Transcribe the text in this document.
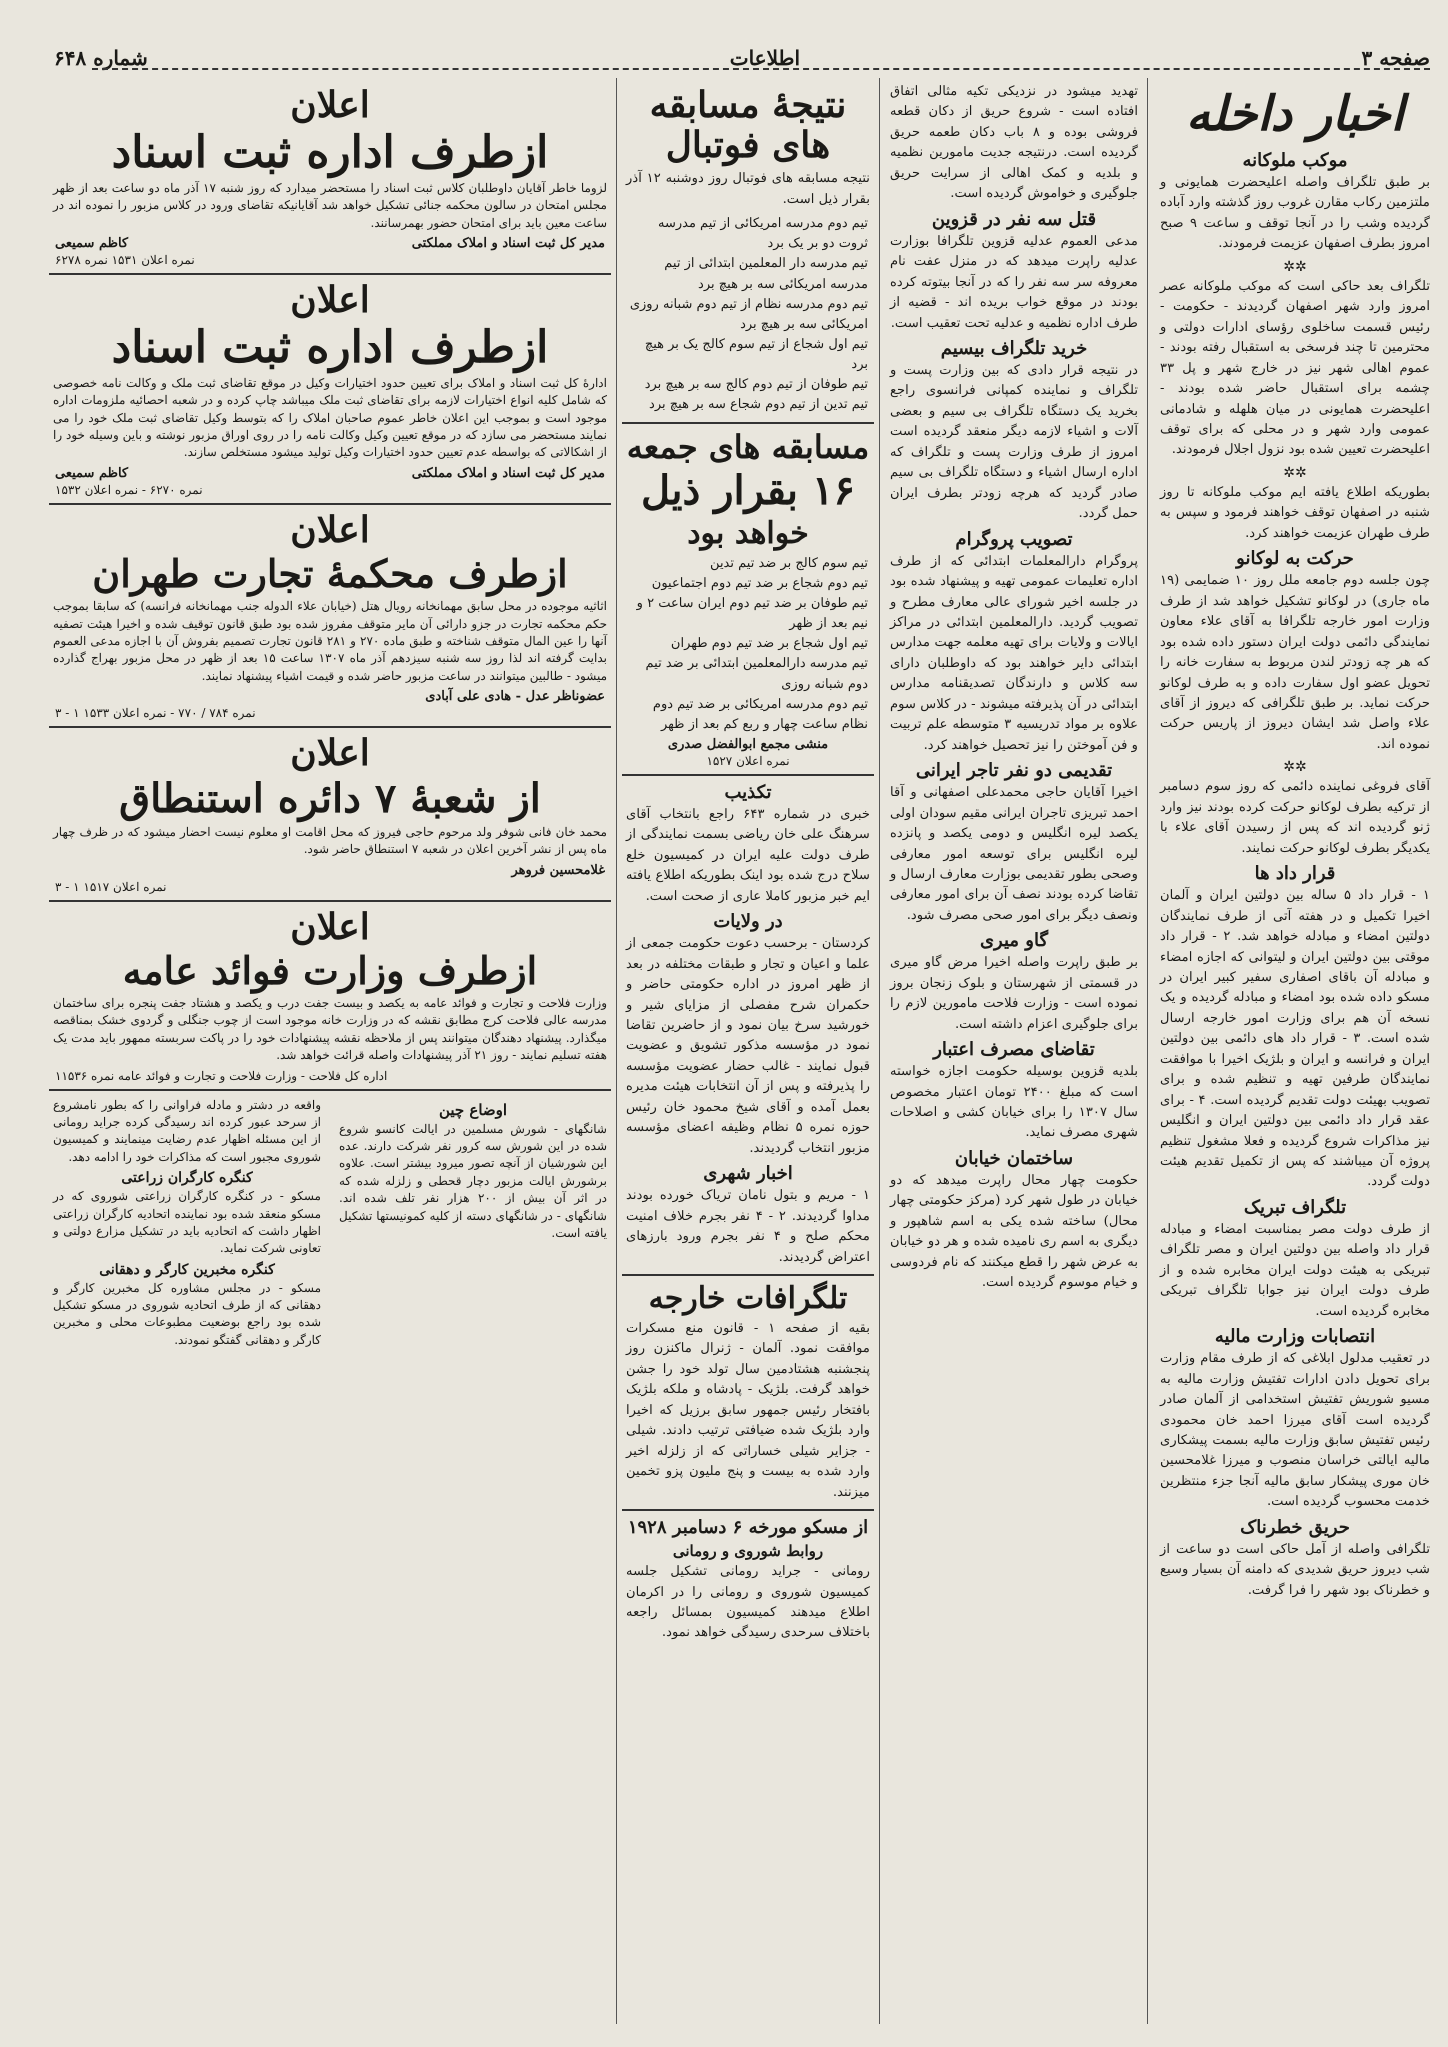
صفحه ۳
اطلاعات
شماره ۶۴۸
اخبار داخله
موکب ملوکانه
بر طبق تلگراف واصله اعلیحضرت همایونی و ملتزمین رکاب مقارن غروب روز گذشته وارد آباده گردیده وشب را در آنجا توقف و ساعت ۹ صبح امروز بطرف اصفهان عزیمت فرمودند.
✲✲
تلگراف بعد حاکی است که موکب ملوکانه عصر امروز وارد شهر اصفهان گردیدند - حکومت - رئیس قسمت ساخلوی رؤسای ادارات دولتی و محترمین تا چند فرسخی به استقبال رفته بودند - عموم اهالی شهر نیز در خارج شهر و پل ۳۳ چشمه برای استقبال حاضر شده بودند - اعلیحضرت همایونی در میان هلهله و شادمانی عمومی وارد شهر و در محلی که برای توقف اعلیحضرت تعیین شده بود نزول اجلال فرمودند.
✲✲
بطوریکه اطلاع یافته ایم موکب ملوکانه تا روز شنبه در اصفهان توقف خواهند فرمود و سپس به طرف طهران عزیمت خواهند کرد.
حرکت به لوکانو
چون جلسه دوم جامعه ملل روز ۱۰ ضمایمی (۱۹ ماه جاری) در لوکانو تشکیل خواهد شد از طرف وزارت امور خارجه تلگرافا به آقای علاء معاون نمایندگی دائمی دولت ایران دستور داده شده بود که هر چه زودتر لندن مربوط به سفارت خانه را تحویل عضو اول سفارت داده و به طرف لوکانو حرکت نماید. بر طبق تلگرافی که دیروز از آقای علاء واصل شد ایشان دیروز از پاریس حرکت نموده اند.
✲✲
آقای فروغی نماینده دائمی که روز سوم دسامبر از ترکیه بطرف لوکانو حرکت کرده بودند نیز وارد ژنو گردیده اند که پس از رسیدن آقای علاء با یکدیگر بطرف لوکانو حرکت نمایند.
قرار داد ها
۱ - قرار داد ۵ ساله بین دولتین ایران و آلمان اخیرا تکمیل و در هفته آتی از طرف نمایندگان دولتین امضاء و مبادله خواهد شد. ۲ - قرار داد موقتی بین دولتین ایران و لیتوانی که اجازه امضاء و مبادله آن باقای اصفاری سفیر کبیر ایران در مسکو داده شده بود امضاء و مبادله گردیده و یک نسخه آن هم برای وزارت امور خارجه ارسال شده است. ۳ - قرار داد های دائمی بین دولتین ایران و فرانسه و ایران و بلژیک اخیرا با موافقت نمایندگان طرفین تهیه و تنظیم شده و برای تصویب بهیئت دولت تقدیم گردیده است. ۴ - برای عقد قرار داد دائمی بین دولتین ایران و انگلیس نیز مذاکرات شروع گردیده و فعلا مشغول تنظیم پروژه آن میباشند که پس از تکمیل تقدیم هیئت دولت گردد.
تلگراف تبریک
از طرف دولت مصر بمناسبت امضاء و مبادله قرار داد واصله بین دولتین ایران و مصر تلگراف تبریکی به هیئت دولت ایران مخابره شده و از طرف دولت ایران نیز جوابا تلگراف تبریکی مخابره گردیده است.
انتصابات وزارت مالیه
در تعقیب مدلول ابلاغی که از طرف مقام وزارت برای تحویل دادن ادارات تفتیش وزارت مالیه به مسیو شوریش تفتیش استخدامی از آلمان صادر گردیده است آقای میرزا احمد خان محمودی رئیس تفتیش سابق وزارت مالیه بسمت پیشکاری مالیه ایالتی خراسان منصوب و میرزا غلامحسین خان موری پیشکار سابق مالیه آنجا جزء منتظرین خدمت محسوب گردیده است.
حریق خطرناک
تلگرافی واصله از آمل حاکی است دو ساعت از شب دیروز حریق شدیدی که دامنه آن بسیار وسیع و خطرناک بود شهر را فرا گرفت.
تهدید میشود در نزدیکی تکیه مثالی اتفاق افتاده است - شروع حریق از دکان قطعه فروشی بوده و ۸ باب دکان طعمه حریق گردیده است. درنتیجه جدیت مامورین نظمیه و بلدیه و کمک اهالی از سرایت حریق جلوگیری و خواموش گردیده است.
قتل سه نفر در قزوین
مدعی العموم عدلیه قزوین تلگرافا بوزارت عدلیه راپرت میدهد که در منزل عفت نام معروفه سر سه نفر را که در آنجا بیتوته کرده بودند در موقع خواب بریده اند - قضیه از طرف اداره نظمیه و عدلیه تحت تعقیب است.
خرید تلگراف بیسیم
در نتیجه قرار دادی که بین وزارت پست و تلگراف و نماینده کمپانی فرانسوی راجع بخرید یک دستگاه تلگراف بی سیم و بعضی آلات و اشیاء لازمه دیگر منعقد گردیده است امروز از طرف وزارت پست و تلگراف که اداره ارسال اشیاء و دستگاه تلگراف بی سیم صادر گردید که هرچه زودتر بطرف ایران حمل گردد.
تصویب پروگرام
پروگرام دارالمعلمات ابتدائی که از طرف اداره تعلیمات عمومی تهیه و پیشنهاد شده بود در جلسه اخیر شورای عالی معارف مطرح و تصویب گردید. دارالمعلمین ابتدائی در مراکز ایالات و ولایات برای تهیه معلمه جهت مدارس ابتدائی دایر خواهند بود که داوطلبان دارای سه کلاس و دارندگان تصدیقنامه مدارس ابتدائی در آن پذیرفته میشوند - در کلاس سوم علاوه بر مواد تدریسیه ۳ متوسطه علم تربیت و فن آموختن را نیز تحصیل خواهند کرد.
تقدیمی دو نفر تاجر ایرانی
اخیرا آقایان حاجی محمدعلی اصفهانی و آقا احمد تبریزی تاجران ایرانی مقیم سودان اولی یکصد لیره انگلیس و دومی یکصد و پانزده لیره انگلیس برای توسعه امور معارفی وصحی بطور تقدیمی بوزارت معارف ارسال و تقاضا کرده بودند نصف آن برای امور معارفی ونصف دیگر برای امور صحی مصرف شود.
گاو میری
بر طبق راپرت واصله اخیرا مرض گاو میری در قسمتی از شهرستان و بلوک زنجان بروز نموده است - وزارت فلاحت مامورین لازم را برای جلوگیری اعزام داشته است.
تقاضای مصرف اعتبار
بلدیه قزوین بوسیله حکومت اجازه خواسته است که مبلغ ۲۴۰۰ تومان اعتبار مخصوص سال ۱۳۰۷ را برای خیابان کشی و اصلاحات شهری مصرف نماید.
ساختمان خیابان
حکومت چهار محال راپرت میدهد که دو خیابان در طول شهر کرد (مرکز حکومتی چهار محال) ساخته شده یکی به اسم شاهپور و دیگری به اسم ری نامیده شده و هر دو خیابان به عرض شهر را قطع میکنند که نام فردوسی و خیام موسوم گردیده است.
نتیجهٔ مسابقه های فوتبال
نتیجه مسابقه های فوتبال روز دوشنبه ۱۲ آذر بقرار ذیل است.
تیم دوم مدرسه امریکائی از تیم مدرسه ثروت دو بر یک برد
تیم مدرسه دار المعلمین ابتدائی از تیم مدرسه امریکائی سه بر هیچ برد
تیم دوم مدرسه نظام از تیم دوم شبانه روزی امریکائی سه بر هیچ برد
تیم اول شجاع از تیم سوم کالج یک بر هیچ برد
تیم طوفان از تیم دوم کالج سه بر هیچ برد
تیم تدین از تیم دوم شجاع سه بر هیچ برد
مسابقه های جمعه
۱۶ بقرار ذیل
خواهد بود
تیم سوم کالج بر ضد تیم تدین
تیم دوم شجاع بر ضد تیم دوم اجتماعیون
تیم طوفان بر ضد تیم دوم ایران ساعت ۲ و نیم بعد از ظهر
تیم اول شجاع بر ضد تیم دوم طهران
تیم مدرسه دارالمعلمین ابتدائی بر ضد تیم دوم شبانه روزی
تیم دوم مدرسه امریکائی بر ضد تیم دوم نظام ساعت چهار و ربع کم بعد از ظهر
منشی مجمع ابوالفضل صدری
نمره اعلان ۱۵۲۷
تکذیب
خبری در شماره ۶۴۳ راجع بانتخاب آقای سرهنگ علی خان ریاضی بسمت نمایندگی از طرف دولت علیه ایران در کمیسیون خلع سلاح درج شده بود اینک بطوریکه اطلاع یافته ایم خبر مزبور کاملا عاری از صحت است.
در ولایات
کردستان - برحسب دعوت حکومت جمعی از علما و اعیان و تجار و طبقات مختلفه در بعد از ظهر امروز در اداره حکومتی حاضر و حکمران شرح مفصلی از مزایای شیر و خورشید سرخ بیان نمود و از حاضرین تقاضا نمود در مؤسسه مذکور تشویق و عضویت قبول نمایند - غالب حضار عضویت مؤسسه را پذیرفته و پس از آن انتخابات هیئت مدیره بعمل آمده و آقای شیخ محمود خان رئیس حوزه نمره ۵ نظام وظیفه اعضای مؤسسه مزبور انتخاب گردیدند.
اخبار شهری
۱ - مریم و بتول نامان تریاک خورده بودند مداوا گردیدند. ۲ - ۴ نفر بجرم خلاف امنیت محکم صلح و ۴ نفر بجرم ورود بارزهای اعتراض گردیدند.
تلگرافات خارجه
بقیه از صفحه ۱ - قانون منع مسکرات موافقت نمود. آلمان - ژنرال ماکنزن روز پنجشنبه هشتادمین سال تولد خود را جشن خواهد گرفت. بلژیک - پادشاه و ملکه بلژیک بافتخار رئیس جمهور سابق برزیل که اخیرا وارد بلژیک شده ضیافتی ترتیب دادند. شیلی - جزایر شیلی خساراتی که از زلزله اخیر وارد شده به بیست و پنج ملیون پزو تخمین میزنند.
از مسکو مورخه ۶ دسامبر ۱۹۲۸
روابط شوروی و رومانی
رومانی - جراید رومانی تشکیل جلسه کمیسیون شوروی و رومانی را در اکرمان اطلاع میدهند کمیسیون بمسائل راجعه باختلاف سرحدی رسیدگی خواهد نمود.
اعلان
ازطرف اداره ثبت اسناد
لزوما خاطر آقایان داوطلبان کلاس ثبت اسناد را مستحضر میدارد که روز شنبه ۱۷ آذر ماه دو ساعت بعد از ظهر مجلس امتحان در سالون محکمه جنائی تشکیل خواهد شد آقایانیکه تقاضای ورود در کلاس مزبور را نموده اند در ساعت معین باید برای امتحان حضور بهمرسانند.
مدیر کل ثبت اسناد و املاک مملکتی
کاظم سمیعی
نمره اعلان ۱۵۳۱ نمره ۶۲۷۸
اعلان
ازطرف اداره ثبت اسناد
ادارهٔ کل ثبت اسناد و املاک برای تعیین حدود اختیارات وکیل در موقع تقاضای ثبت ملک و وکالت نامه خصوصی که شامل کلیه انواع اختیارات لازمه برای تقاضای ثبت ملک میباشد چاپ کرده و در شعبه احصائیه ملزومات اداره موجود است و بموجب این اعلان خاطر عموم صاحبان املاک را که بتوسط وکیل تقاضای ثبت ملک خود را می نمایند مستحضر می سازد که در موقع تعیین وکیل وکالت نامه را در روی اوراق مزبور نوشته و باین وسیله خود را از اشکالاتی که بواسطه عدم تعیین حدود اختیارات وکیل تولید میشود مستخلص سازند.
مدیر کل ثبت اسناد و املاک مملکتی
کاظم سمیعی
نمره ۶۲۷۰ - نمره اعلان ۱۵۳۲
اعلان
ازطرف محکمهٔ تجارت طهران
اثاثیه موجوده در محل سابق مهمانخانه رویال هتل (خیابان علاء الدوله جنب مهمانخانه فرانسه) که سابقا بموجب حکم محکمه تجارت در جزو دارائی آن مایر متوقف مفروز شده بود طبق قانون توقیف شده و اخیرا هیئت تصفیه آنها را عین المال متوقف شناخته و طبق ماده ۲۷۰ و ۲۸۱ قانون تجارت تصمیم بفروش آن با اجازه مدعی العموم بدایت گرفته اند لذا روز سه شنبه سیزدهم آذر ماه ۱۳۰۷ ساعت ۱۵ بعد از ظهر در محل مزبور بهراج گذارده میشود - طالبین میتوانند در ساعت مزبور حاضر شده و قیمت اشیاء پیشنهاد نمایند.
عضوناظر عدل - هادی علی آبادی
نمره ۷۸۴ / ۷۷۰ - نمره اعلان ۱۵۳۳ ۱ - ۳
اعلان
از شعبهٔ ۷ دائره استنطاق
محمد خان فانی شوفر ولد مرحوم حاجی فیروز که محل اقامت او معلوم نیست احضار میشود که در ظرف چهار ماه پس از نشر آخرین اعلان در شعبه ۷ استنطاق حاضر شود.
غلامحسین فروهر
نمره اعلان ۱۵۱۷ ۱ - ۳
اعلان
ازطرف وزارت فوائد عامه
وزارت فلاحت و تجارت و فوائد عامه به یکصد و بیست جفت درب و یکصد و هشتاد جفت پنجره برای ساختمان مدرسه عالی فلاحت کرج مطابق نقشه که در وزارت خانه موجود است از چوب جنگلی و گردوی خشک بمناقصه میگذارد. پیشنهاد دهندگان میتوانند پس از ملاحظه نقشه پیشنهادات خود را در پاکت سربسته ممهور باید مدت یک هفته تسلیم نمایند - روز ۲۱ آذر پیشنهادات واصله قرائت خواهد شد.
اداره کل فلاحت - وزارت فلاحت و تجارت و فوائد عامه نمره ۱۱۵۳۶
اوضاع چین
شانگهای - شورش مسلمین در ایالت کانسو شروع شده در این شورش سه کرور نفر شرکت دارند. عده این شورشیان از آنچه تصور میرود بیشتر است. علاوه برشورش ایالت مزبور دچار قحطی و زلزله شده که در اثر آن بیش از ۲۰۰ هزار نفر تلف شده اند. شانگهای - در شانگهای دسته از کلیه کمونیستها تشکیل یافته است.
واقعه در دشتر و مادله فراوانی را که بطور نامشروع از سرحد عبور کرده اند رسیدگی کرده جراید رومانی از این مسئله اظهار عدم رضایت مینمایند و کمیسیون شوروی مجبور است که مذاکرات خود را ادامه دهد.
کنگره کارگران زراعتی
مسکو - در کنگره کارگران زراعتی شوروی که در مسکو منعقد شده بود نماینده اتحادیه کارگران زراعتی اظهار داشت که اتحادیه باید در تشکیل مزارع دولتی و تعاونی شرکت نماید.
کنگره مخبرین کارگر و دهقانی
مسکو - در مجلس مشاوره کل مخبرین کارگر و دهقانی که از طرف اتحادیه شوروی در مسکو تشکیل شده بود راجع بوضعیت مطبوعات محلی و مخبرین کارگر و دهقانی گفتگو نمودند.
